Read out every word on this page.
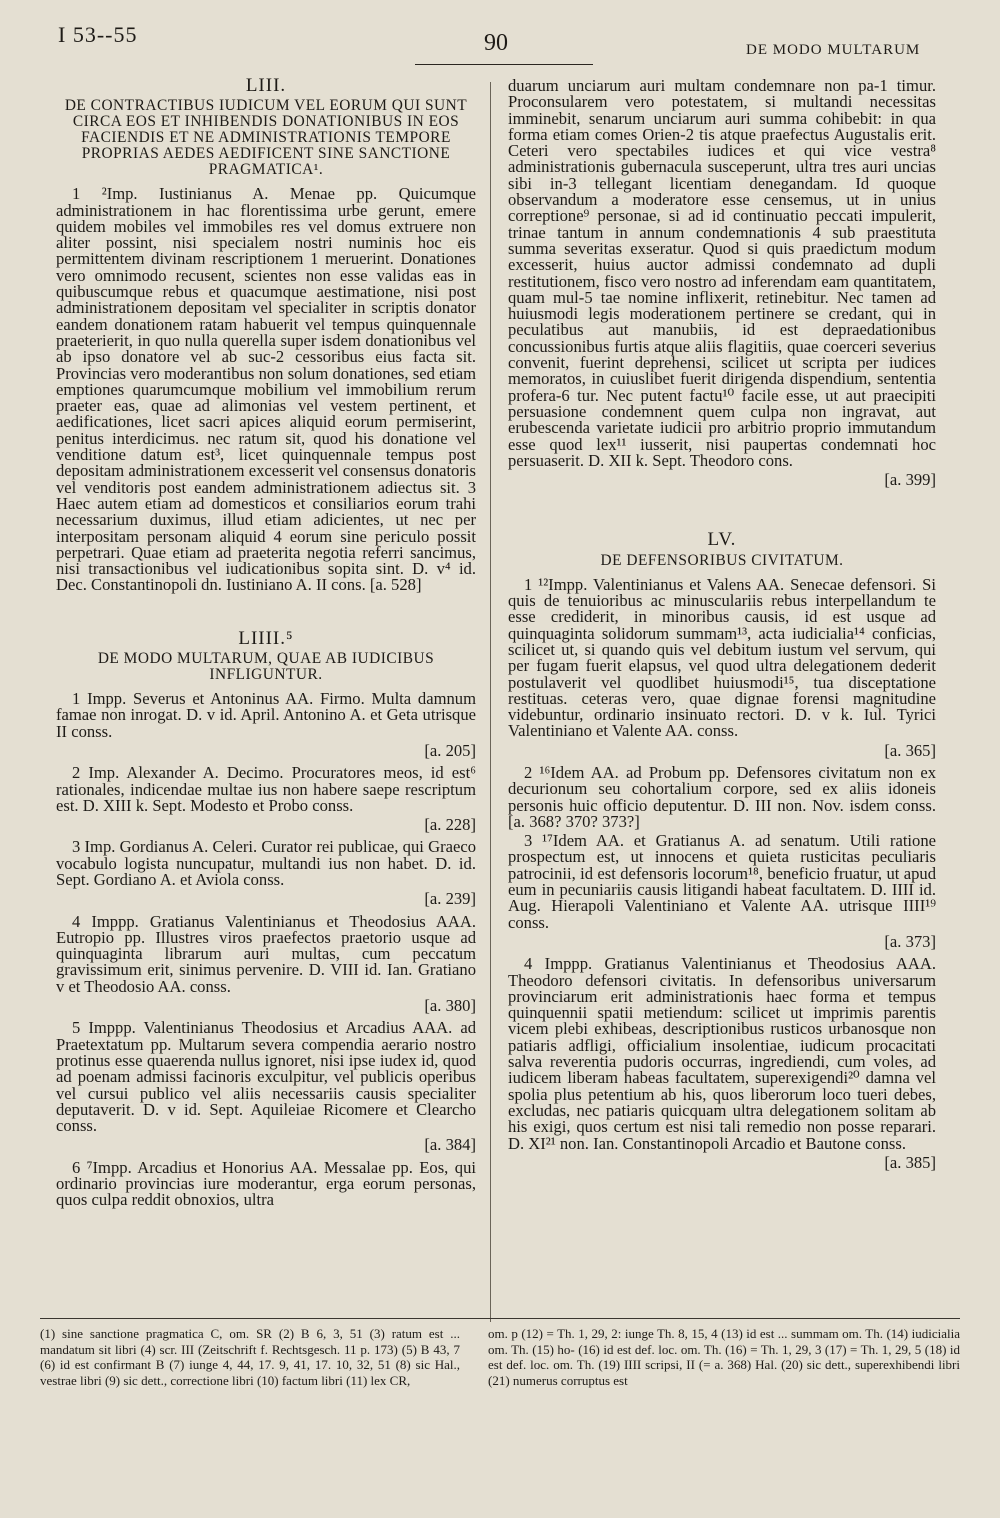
I 53--55	90	DE MODO MULTARUM
LIII.
DE CONTRACTIBUS IUDICUM VEL EORUM QUI SUNT CIRCA EOS ET INHIBENDIS DONATIONIBUS IN EOS FACIENDIS ET NE ADMINISTRATIONIS TEMPORE PROPRIAS AEDES AEDIFICENT SINE SANCTIONE PRAGMATICA¹.

1 ²Imp. Iustinianus A. Menae pp. Quicumque administrationem in hac florentissima urbe gerunt, emere quidem mobiles vel immobiles res vel domus extruere non aliter possint, nisi specialem nostri numinis hoc eis permittentem divinam rescriptionem 1 meruerint. Donationes vero omnimodo recusent, scientes non esse validas eas in quibuscumque rebus et quacumque aestimatione, nisi post administrationem depositam vel specialiter in scriptis donator eandem donationem ratam habuerit vel tempus quinquennale praeterierit, in quo nulla querella super isdem donationibus vel ab ipso donatore vel ab suc-2 cessoribus eius facta sit. Provincias vero moderantibus non solum donationes, sed etiam emptiones quarumcumque mobilium vel immobilium rerum praeter eas, quae ad alimonias vel vestem pertinent, et aedificationes, licet sacri apices aliquid eorum permiserint, penitus interdicimus. nec ratum sit, quod his donatione vel venditione datum est³, licet quinquennale tempus post depositam administrationem excesserit vel consensus donatoris vel venditoris post eandem administrationem adiectus sit. 3 Haec autem etiam ad domesticos et consiliarios eorum trahi necessarium duximus, illud etiam adicientes, ut nec per interpositam personam aliquid 4 eorum sine periculo possit perpetrari. Quae etiam ad praeterita negotia referri sancimus, nisi transactionibus vel iudicationibus sopita sint. D. v⁴ id. Dec. Constantinopoli dn. Iustiniano A. II cons. [a. 528]

LIIII.⁵
DE MODO MULTARUM, QUAE AB IUDICIBUS INFLIGUNTUR.

1 Impp. Severus et Antoninus AA. Firmo. Multa damnum famae non inrogat. D. v id. April. Antonino A. et Geta utrisque II conss.

[a. 205]

2 Imp. Alexander A. Decimo. Procuratores meos, id est⁶ rationales, indicendae multae ius non habere saepe rescriptum est. D. XIII k. Sept. Modesto et Probo conss.

[a. 228]

3 Imp. Gordianus A. Celeri. Curator rei publicae, qui Graeco vocabulo logista nuncupatur, multandi ius non habet. D. id. Sept. Gordiano A. et Aviola conss.

[a. 239]

4 Imppp. Gratianus Valentinianus et Theodosius AAA. Eutropio pp. Illustres viros praefectos praetorio usque ad quinquaginta librarum auri multas, cum peccatum gravissimum erit, sinimus pervenire. D. VIII id. Ian. Gratiano v et Theodosio AA. conss.

[a. 380]

5 Imppp. Valentinianus Theodosius et Arcadius AAA. ad Praetextatum pp. Multarum severa compendia aerario nostro protinus esse quaerenda nullus ignoret, nisi ipse iudex id, quod ad poenam admissi facinoris exculpitur, vel publicis operibus vel cursui publico vel aliis necessariis causis specialiter deputaverit. D. v id. Sept. Aquileiae Ricomere et Clearcho conss.

[a. 384]

6 ⁷Impp. Arcadius et Honorius AA. Messalae pp. Eos, qui ordinario provincias iure moderantur, erga eorum personas, quos culpa reddit obnoxios, ultra

duarum unciarum auri multam condemnare non pa-1 timur. Proconsularem vero potestatem, si multandi necessitas imminebit, senarum unciarum auri summa cohibebit: in qua forma etiam comes Orien-2 tis atque praefectus Augustalis erit. Ceteri vero spectabiles iudices et qui vice vestra⁸ administrationis gubernacula susceperunt, ultra tres auri uncias sibi in-3 tellegant licentiam denegandam. Id quoque observandum a moderatore esse censemus, ut in unius correptione⁹ personae, si ad id continuatio peccati impulerit, trinae tantum in annum condemnationis 4 sub praestituta summa severitas exseratur. Quod si quis praedictum modum excesserit, huius auctor admissi condemnato ad dupli restitutionem, fisco vero nostro ad inferendam eam quantitatem, quam mul-5 tae nomine inflixerit, retinebitur. Nec tamen ad huiusmodi legis moderationem pertinere se credant, qui in peculatibus aut manubiis, id est depraedationibus concussionibus furtis atque aliis flagitiis, quae coerceri severius convenit, fuerint deprehensi, scilicet ut scripta per iudices memoratos, in cuiuslibet fuerit dirigenda dispendium, sententia profera-6 tur. Nec putent factu¹⁰ facile esse, ut aut praecipiti persuasione condemnent quem culpa non ingravat, aut erubescenda varietate iudicii pro arbitrio proprio immutandum esse quod lex¹¹ iusserit, nisi paupertas condemnati hoc persuaserit. D. XII k. Sept. Theodoro cons.

[a. 399]
LV.
DE DEFENSORIBUS CIVITATUM.

1 ¹²Impp. Valentinianus et Valens AA. Senecae defensori. Si quis de tenuioribus ac minusculariis rebus interpellandum te esse crediderit, in minoribus causis, id est usque ad quinquaginta solidorum summam¹³, acta iudicialia¹⁴ conficias, scilicet ut, si quando quis vel debitum iustum vel servum, qui per fugam fuerit elapsus, vel quod ultra delegationem dederit postulaverit vel quodlibet huiusmodi¹⁵, tua disceptatione restituas. ceteras vero, quae dignae forensi magnitudine videbuntur, ordinario insinuato rectori. D. v k. Iul. Tyrici Valentiniano et Valente AA. conss.

[a. 365]

2 ¹⁶Idem AA. ad Probum pp. Defensores civitatum non ex decurionum seu cohortalium corpore, sed ex aliis idoneis personis huic officio deputentur. D. III non. Nov. isdem conss. [a. 368? 370? 373?]

3 ¹⁷Idem AA. et Gratianus A. ad senatum. Utili ratione prospectum est, ut innocens et quieta rusticitas peculiaris patrocinii, id est defensoris locorum¹⁸, beneficio fruatur, ut apud eum in pecuniariis causis litigandi habeat facultatem. D. IIII id. Aug. Hierapoli Valentiniano et Valente AA. utrisque IIII¹⁹ conss.

[a. 373]

4 Imppp. Gratianus Valentinianus et Theodosius AAA. Theodoro defensori civitatis. In defensoribus universarum provinciarum erit administrationis haec forma et tempus quinquennii spatii metiendum: scilicet ut imprimis parentis vicem plebi exhibeas, descriptionibus rusticos urbanosque non patiaris adfligi, officialium insolentiae, iudicum procacitati salva reverentia pudoris occurras, ingrediendi, cum voles, ad iudicem liberam habeas facultatem, superexigendi²⁰ damna vel spolia plus petentium ab his, quos liberorum loco tueri debes, excludas, nec patiaris quicquam ultra delegationem solitam ab his exigi, quos certum est nisi tali remedio non posse reparari. D. XI²¹ non. Ian. Constantinopoli Arcadio et Bautone conss.

[a. 385]
(1) sine sanctione pragmatica C, om. SR (2) B 6, 3, 51 (3) ratum est ... mandatum sit libri (4) scr. III (Zeitschrift f. Rechtsgesch. 11 p. 173) (5) B 43, 7 (6) id est confirmant B (7) iunge 4, 44, 17. 9, 41, 17. 10, 32, 51 (8) sic Hal., vestrae libri (9) sic dett., correctione libri (10) factum libri (11) lex CR,
om. p (12) = Th. 1, 29, 2: iunge Th. 8, 15, 4 (13) id est ... summam om. Th. (14) iudicialia om. Th. (15) ho- (16) id est def. loc. om. Th. (16) = Th. 1, 29, 3 (17) = Th. 1, 29, 5 (18) id est def. loc. om. Th. (19) IIII scripsi, II (= a. 368) Hal. (20) sic dett., superexhibendi libri (21) numerus corruptus est
